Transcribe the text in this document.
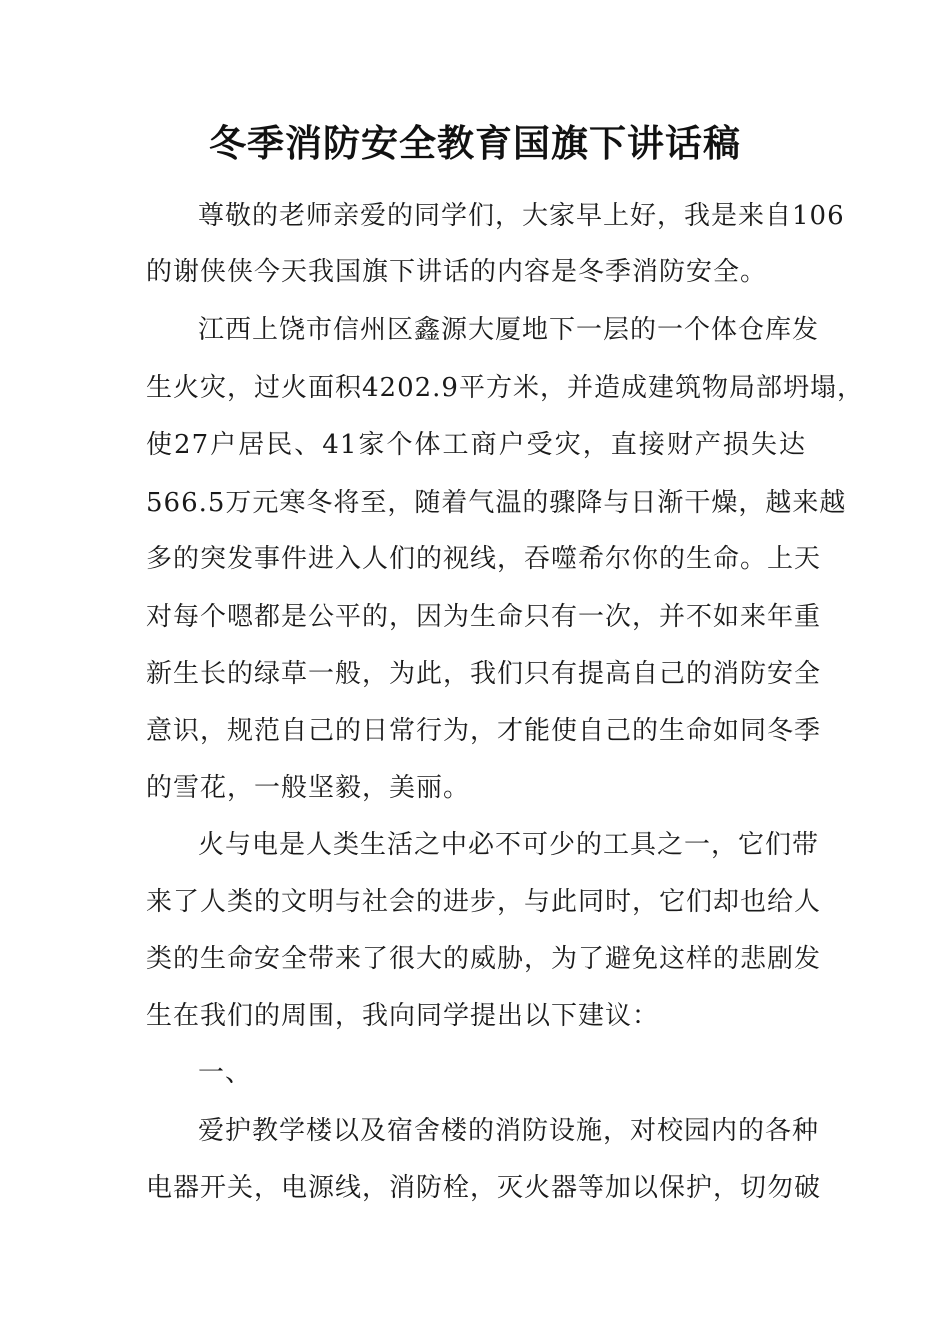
冬季消防安全教育国旗下讲话稿
尊敬的老师亲爱的同学们，大家早上好，我是来自106
的谢侠侠今天我国旗下讲话的内容是冬季消防安全。
江西上饶市信州区鑫源大厦地下一层的一个体仓库发
生火灾，过火面积4202.9平方米，并造成建筑物局部坍塌，
使27户居民、41家个体工商户受灾，直接财产损失达
566.5万元寒冬将至，随着气温的骤降与日渐干燥，越来越
多的突发事件进入人们的视线，吞噬希尔你的生命。上天
对每个嗯都是公平的，因为生命只有一次，并不如来年重
新生长的绿草一般，为此，我们只有提高自己的消防安全
意识，规范自己的日常行为，才能使自己的生命如同冬季
的雪花，一般坚毅，美丽。
火与电是人类生活之中必不可少的工具之一，它们带
来了人类的文明与社会的进步，与此同时，它们却也给人
类的生命安全带来了很大的威胁，为了避免这样的悲剧发
生在我们的周围，我向同学提出以下建议：
一、
爱护教学楼以及宿舍楼的消防设施，对校园内的各种
电器开关，电源线，消防栓，灭火器等加以保护，切勿破
